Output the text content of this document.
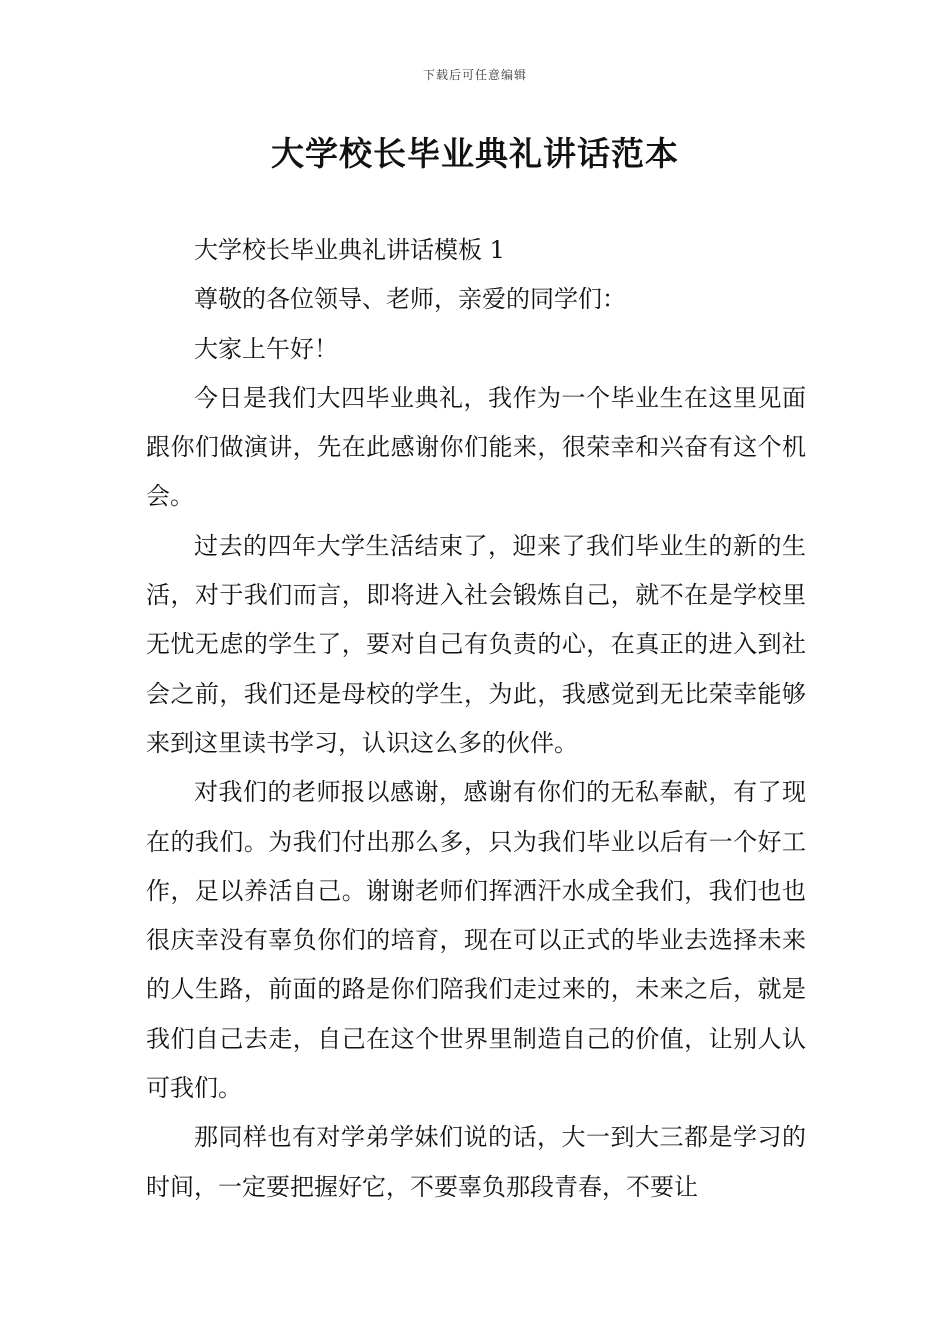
下载后可任意编辑
大学校长毕业典礼讲话范本

大学校长毕业典礼讲话模板 1

尊敬的各位领导、老师，亲爱的同学们：

大家上午好！

今日是我们大四毕业典礼，我作为一个毕业生在这里见面跟你们做演讲，先在此感谢你们能来，很荣幸和兴奋有这个机会。

过去的四年大学生活结束了，迎来了我们毕业生的新的生活，对于我们而言，即将进入社会锻炼自己，就不在是学校里无忧无虑的学生了，要对自己有负责的心，在真正的进入到社会之前，我们还是母校的学生，为此，我感觉到无比荣幸能够来到这里读书学习，认识这么多的伙伴。

对我们的老师报以感谢，感谢有你们的无私奉献，有了现在的我们。为我们付出那么多，只为我们毕业以后有一个好工作，足以养活自己。谢谢老师们挥洒汗水成全我们，我们也也很庆幸没有辜负你们的培育，现在可以正式的毕业去选择未来的人生路，前面的路是你们陪我们走过来的，未来之后，就是我们自己去走，自己在这个世界里制造自己的价值，让别人认可我们。

那同样也有对学弟学妹们说的话，大一到大三都是学习的时间，一定要把握好它，不要辜负那段青春，不要让
